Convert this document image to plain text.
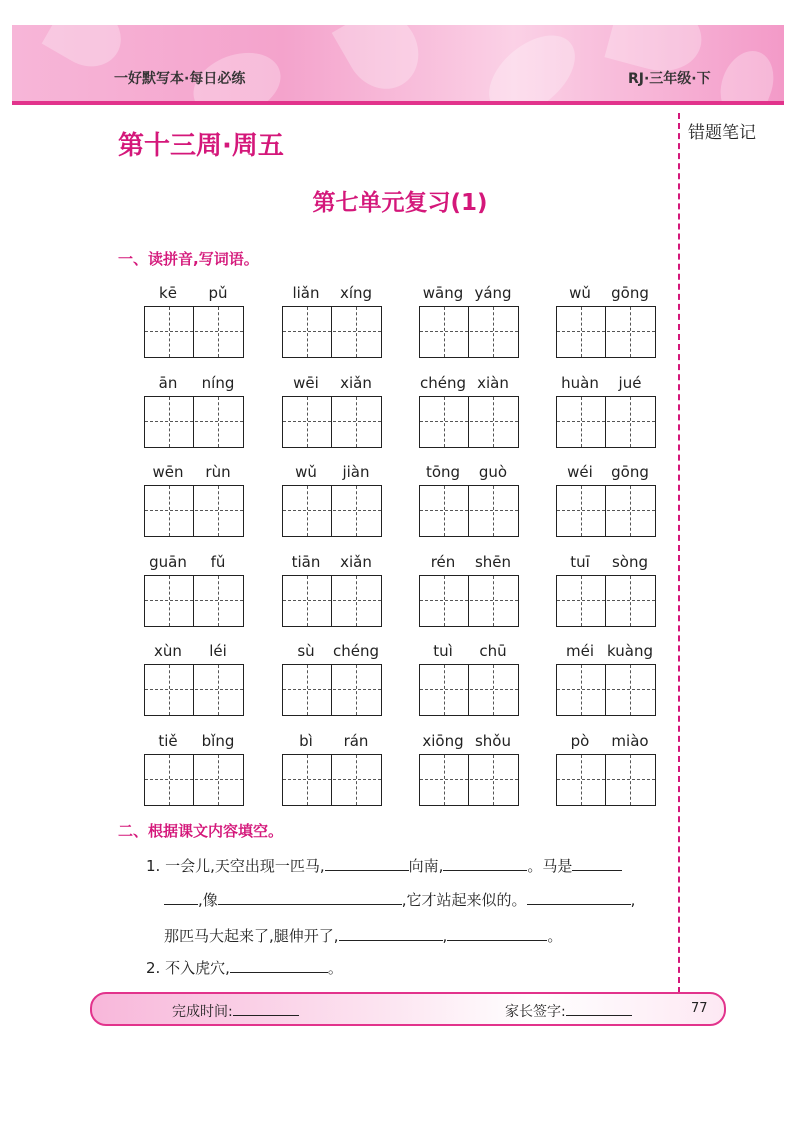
一好默写本·每日必练	RJ·三年级·下
错题笔记
第十三周·周五
第七单元复习(1)
一、读拼音,写词语。
kē	pǔ	liǎn	xíng	wāng yáng	wǔ	gōng
ān	níng	wēi	xiǎn	chéng xiàn	huàn	jué
wēn	rùn	wǔ	jiàn	tōng	guò	wéi	gōng
guān	fǔ	tiān	xiǎn	rén	shēn	tuī	sòng
xùn	léi	sù	chéng	tuì	chū	méi kuàng
tiě	bǐng	bì	rán	xiōng shǒu	pò	miào
二、根据课文内容填空。
1. 一会儿,天空出现一匹马,	向南,	。马是
,像	,它才站起来似的。	,
那匹马大起来了,腿伸开了,	,	。
2. 不入虎穴,	。
完成时间:	家长签字:	77
